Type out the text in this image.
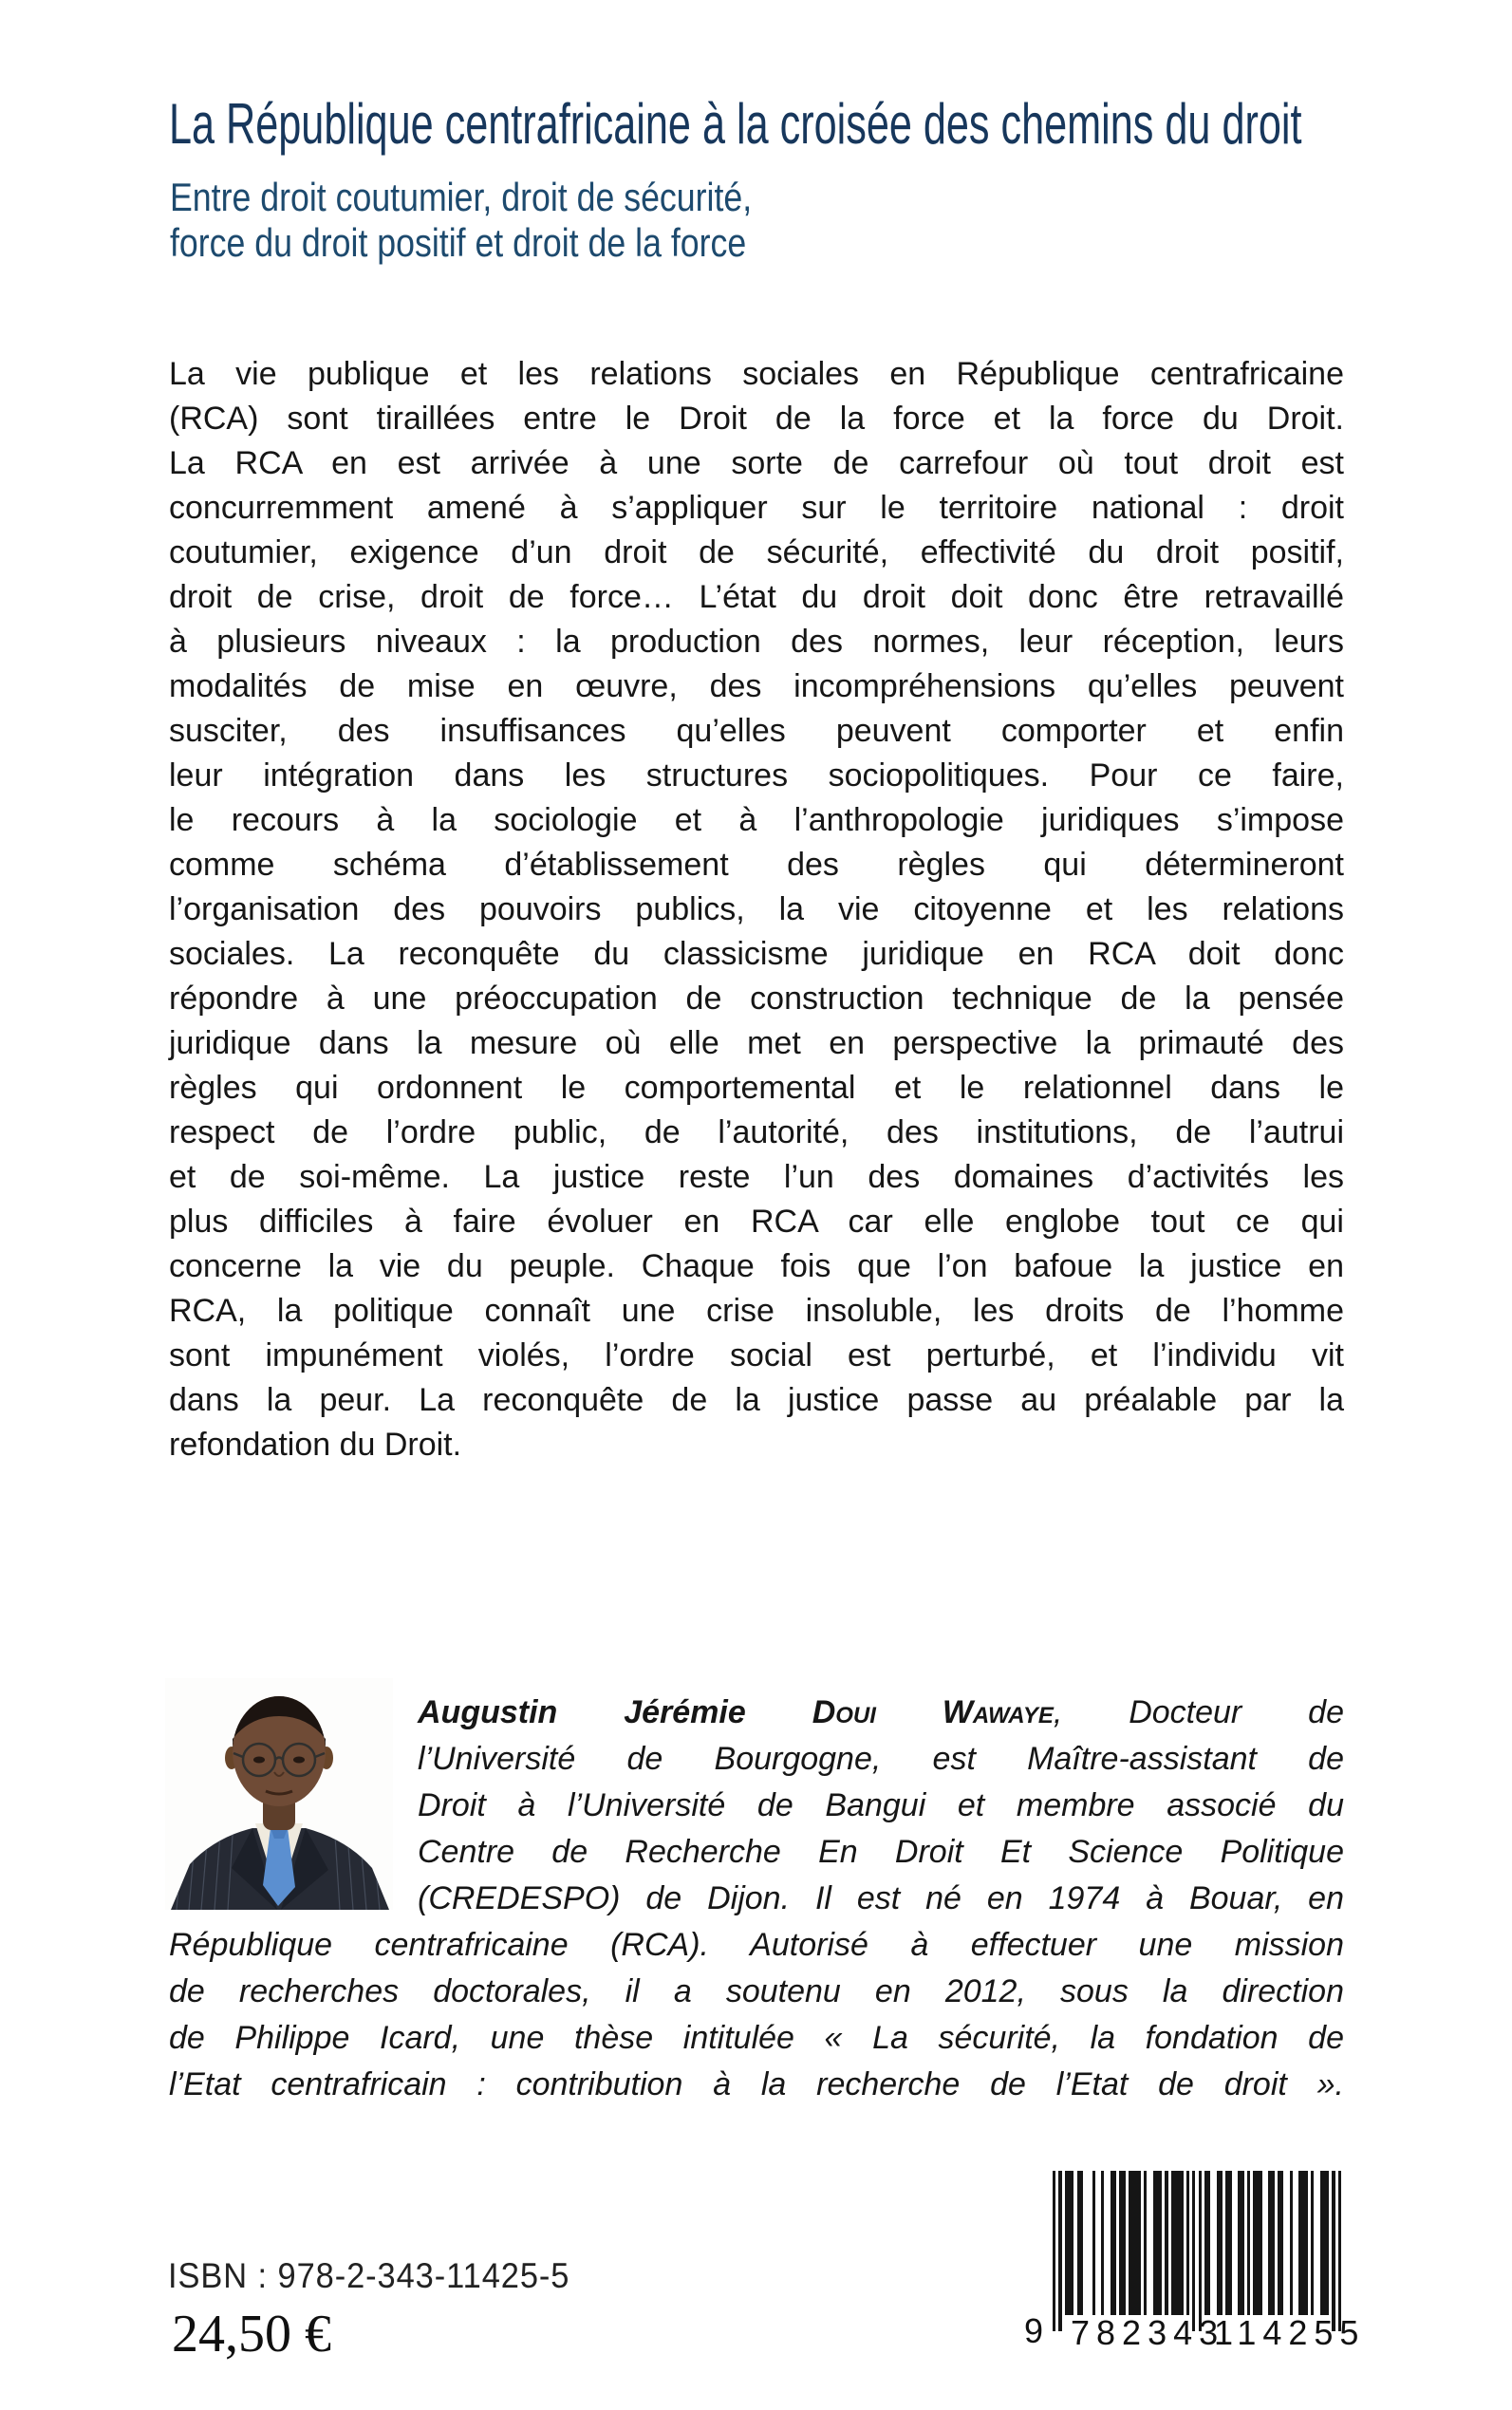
La République centrafricaine à la croisée des chemins du droit
Entre droit coutumier, droit de sécurité,
force du droit positif et droit de la force
La vie publique et les relations sociales en République centrafricaine
(RCA) sont tiraillées entre le Droit de la force et la force du Droit.
La RCA en est arrivée à une sorte de carrefour où tout droit est
concurremment amené à s’appliquer sur le territoire national : droit
coutumier, exigence d’un droit de sécurité, effectivité du droit positif,
droit de crise, droit de force… L’état du droit doit donc être retravaillé
à plusieurs niveaux : la production des normes, leur réception, leurs
modalités de mise en œuvre, des incompréhensions qu’elles peuvent
susciter, des insuffisances qu’elles peuvent comporter et enfin
leur intégration dans les structures sociopolitiques. Pour ce faire,
le recours à la sociologie et à l’anthropologie juridiques s’impose
comme schéma d’établissement des règles qui détermineront
l’organisation des pouvoirs publics, la vie citoyenne et les relations
sociales. La reconquête du classicisme juridique en RCA doit donc
répondre à une préoccupation de construction technique de la pensée
juridique dans la mesure où elle met en perspective la primauté des
règles qui ordonnent le comportemental et le relationnel dans le
respect de l’ordre public, de l’autorité, des institutions, de l’autrui
et de soi-même. La justice reste l’un des domaines d’activités les
plus difficiles à faire évoluer en RCA car elle englobe tout ce qui
concerne la vie du peuple. Chaque fois que l’on bafoue la justice en
RCA, la politique connaît une crise insoluble, les droits de l’homme
sont impunément violés, l’ordre social est perturbé, et l’individu vit
dans la peur. La reconquête de la justice passe au préalable par la
refondation du Droit.
Augustin Jérémie Doui Wawaye, Docteur de
l’Université de Bourgogne, est Maître-assistant de
Droit à l’Université de Bangui et membre associé du
Centre de Recherche En Droit Et Science Politique
(CREDESPO) de Dijon. Il est né en 1974 à Bouar, en
République centrafricaine (RCA). Autorisé à effectuer une mission
de recherches doctorales, il a soutenu en 2012, sous la direction
de Philippe Icard, une thèse intitulée « La sécurité, la fondation de
l’Etat centrafricain : contribution à la recherche de l’Etat de droit ».
ISBN : 978-2-343-11425-5
24,50 €	9 782343
114255
